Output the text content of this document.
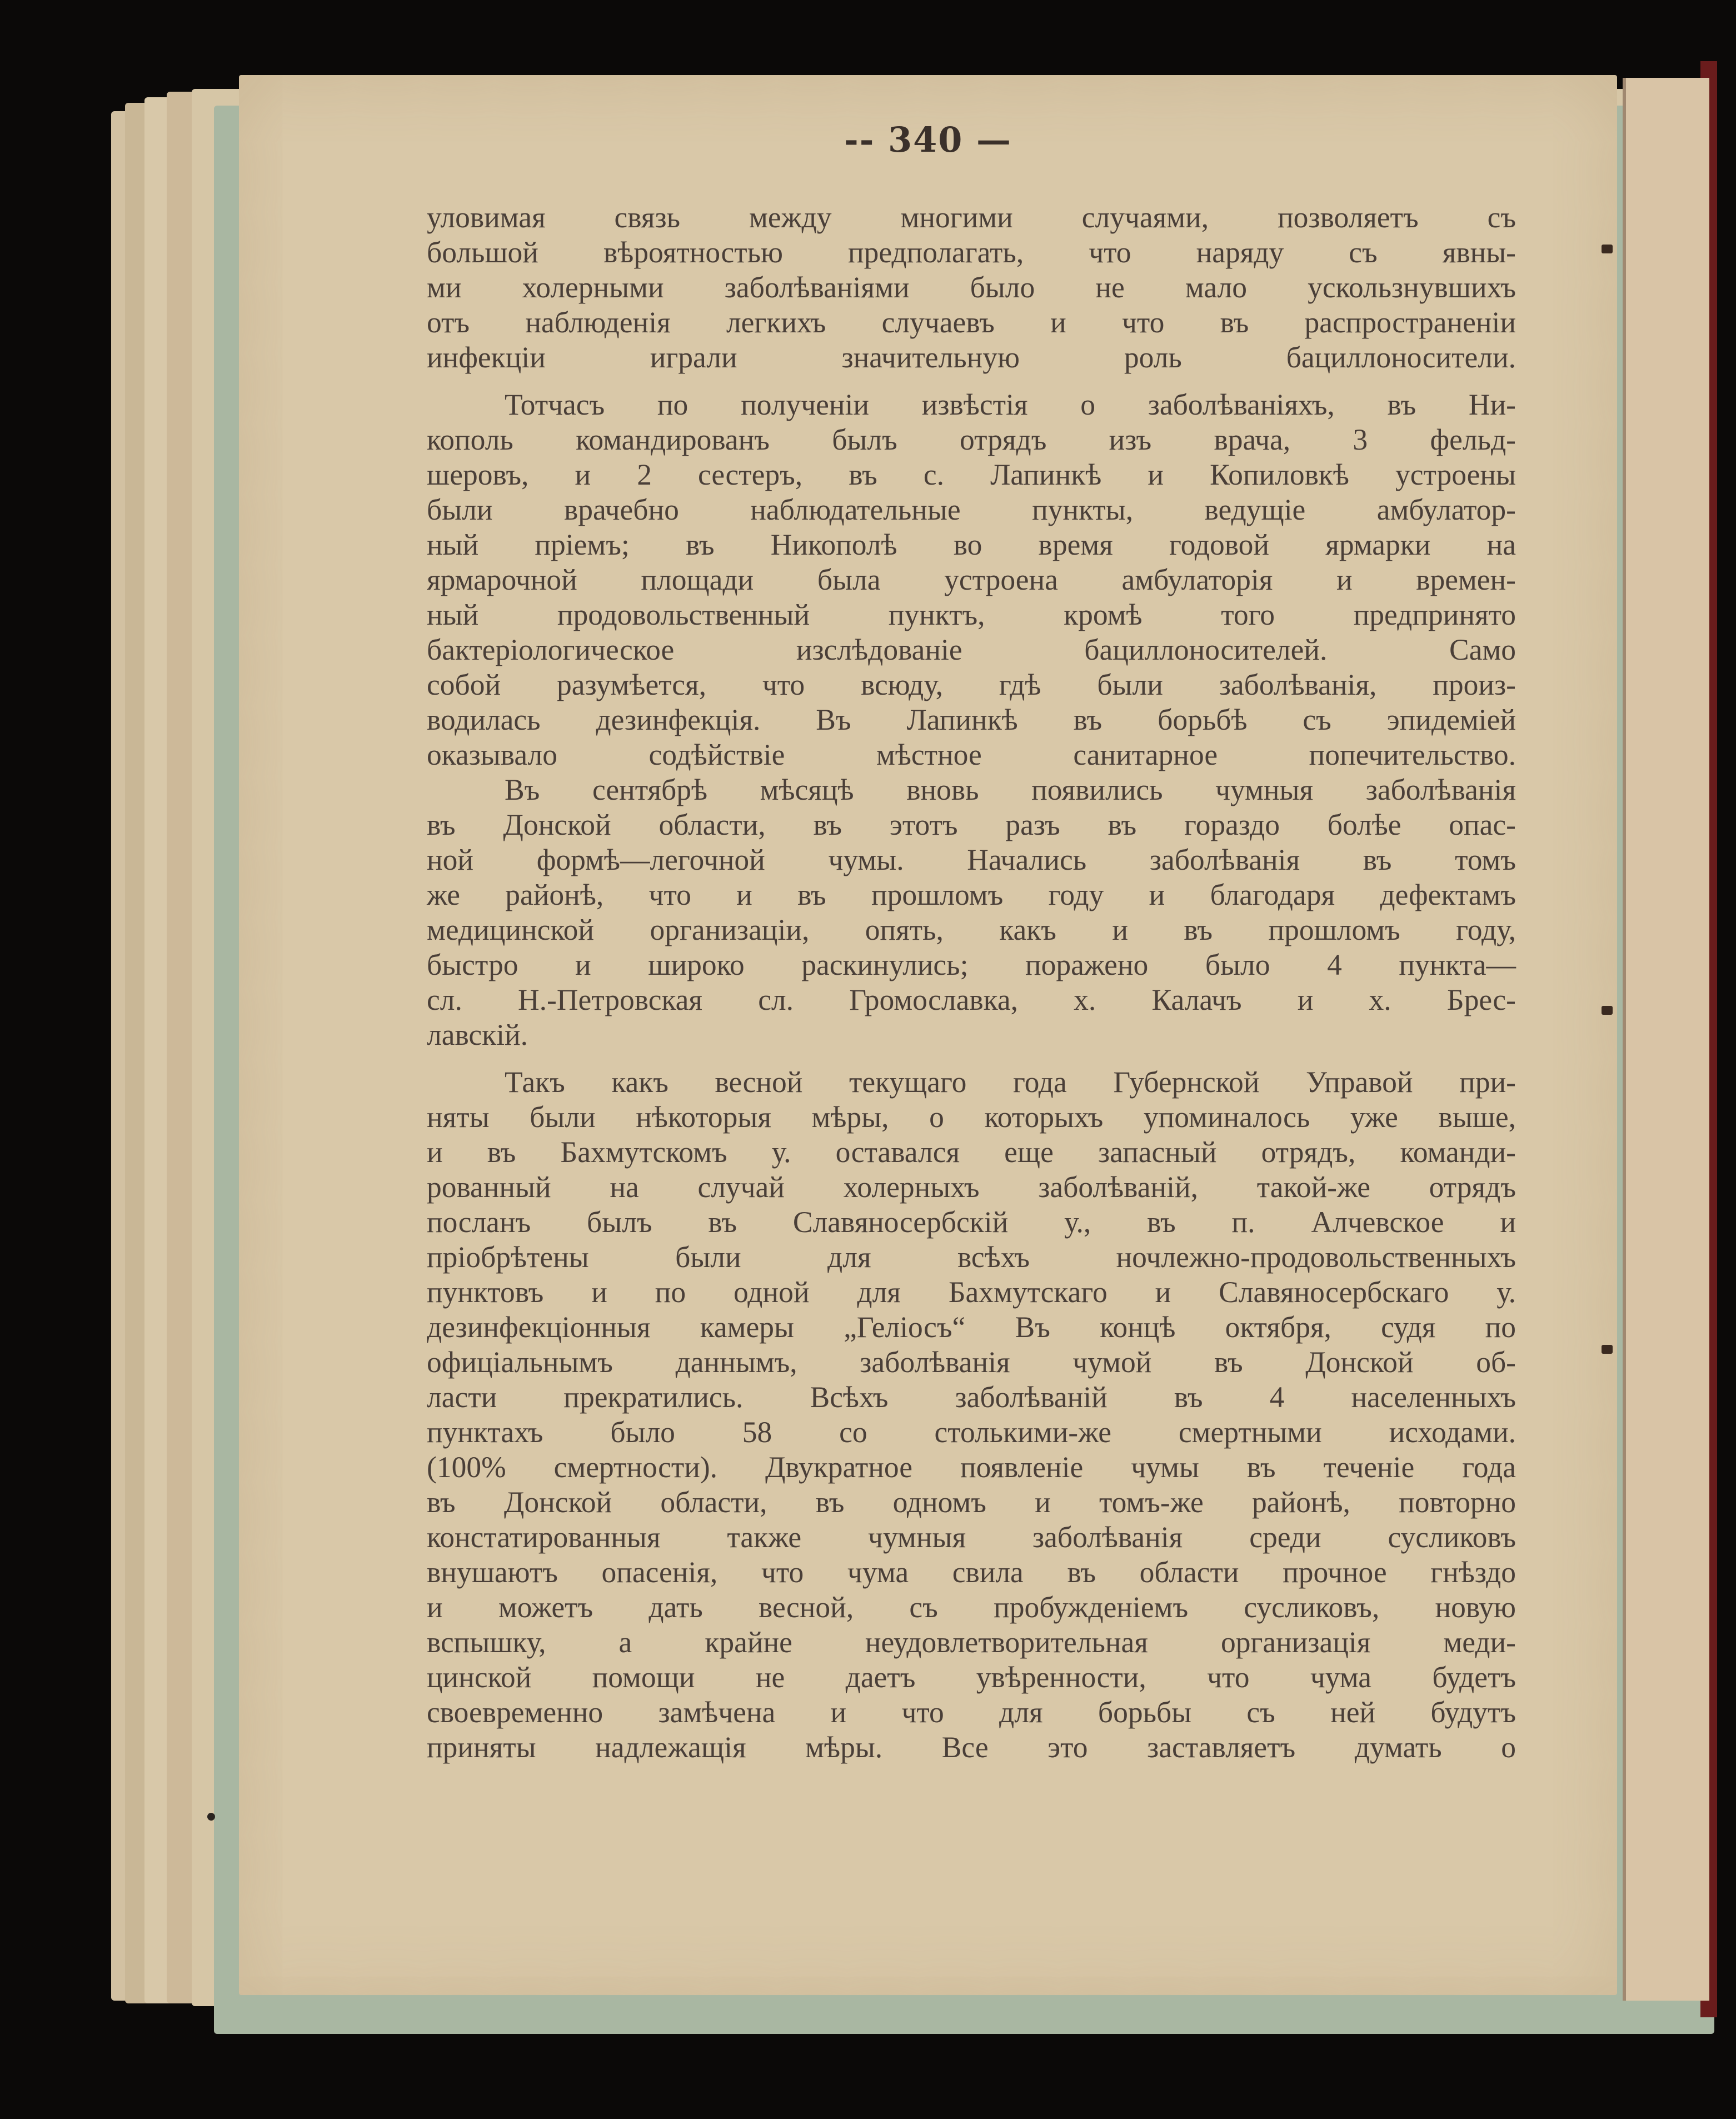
-- 340 —

уловимая связь между многими случаями, позволяетъ съ
большой вѣроятностью предполагать, что наряду съ явны-
ми холерными заболѣваніями было не мало ускользнувшихъ
отъ наблюденія легкихъ случаевъ и что въ распространеніи
инфекціи играли значительную роль бациллоносители.

Тотчасъ по полученіи извѣстія о заболѣваніяхъ, въ Ни-
кополь командированъ былъ отрядъ изъ врача, 3 фельд-
шеровъ, и 2 сестеръ, въ с. Лапинкѣ и Копиловкѣ устроены
были врачебно наблюдательные пункты, ведущіе амбулатор-
ный пріемъ; въ Никополѣ во время годовой ярмарки на
ярмарочной площади была устроена амбулаторія и времен-
ный продовольственный пунктъ, кромѣ того предпринято
бактеріологическое изслѣдованіе бациллоносителей. Само
собой разумѣется, что всюду, гдѣ были заболѣванія, произ-
водилась дезинфекція. Въ Лапинкѣ въ борьбѣ съ эпидеміей
оказывало содѣйствіе мѣстное санитарное попечительство.

Въ сентябрѣ мѣсяцѣ вновь появились чумныя заболѣванія
въ Донской области, въ этотъ разъ въ гораздо болѣе опас-
ной формѣ—легочной чумы. Начались заболѣванія въ томъ
же районѣ, что и въ прошломъ году и благодаря дефектамъ
медицинской организаціи, опять, какъ и въ прошломъ году,
быстро и широко раскинулись; поражено было 4 пункта—
сл. Н.-Петровская сл. Громославка, х. Калачъ и х. Брес-
лавскій.

Такъ какъ весной текущаго года Губернской Управой при-
няты были нѣкоторыя мѣры, о которыхъ упоминалось уже выше,
и въ Бахмутскомъ у. оставался еще запасный отрядъ, команди-
рованный на случай холерныхъ заболѣваній, такой-же отрядъ
посланъ былъ въ Славяносербскій у., въ п. Алчевское и
пріобрѣтены были для всѣхъ ночлежно-продовольственныхъ
пунктовъ и по одной для Бахмутскаго и Славяносербскаго у.
дезинфекціонныя камеры „Геліосъ“ Въ концѣ октября, судя по
офиціальнымъ даннымъ, заболѣванія чумой въ Донской об-
ласти прекратились. Всѣхъ заболѣваній въ 4 населенныхъ
пунктахъ было 58 со столькими-же смертными исходами.
(100% смертности). Двукратное появленіе чумы въ теченіе года
въ Донской области, въ одномъ и томъ-же районѣ, повторно
констатированныя также чумныя заболѣванія среди сусликовъ
внушаютъ опасенія, что чума свила въ области прочное гнѣздо
и можетъ дать весной, съ пробужденіемъ сусликовъ, новую
вспышку, а крайне неудовлетворительная организація меди-
цинской помощи не даетъ увѣренности, что чума будетъ
своевременно замѣчена и что для борьбы съ ней будутъ
приняты надлежащія мѣры. Все это заставляетъ думать о
